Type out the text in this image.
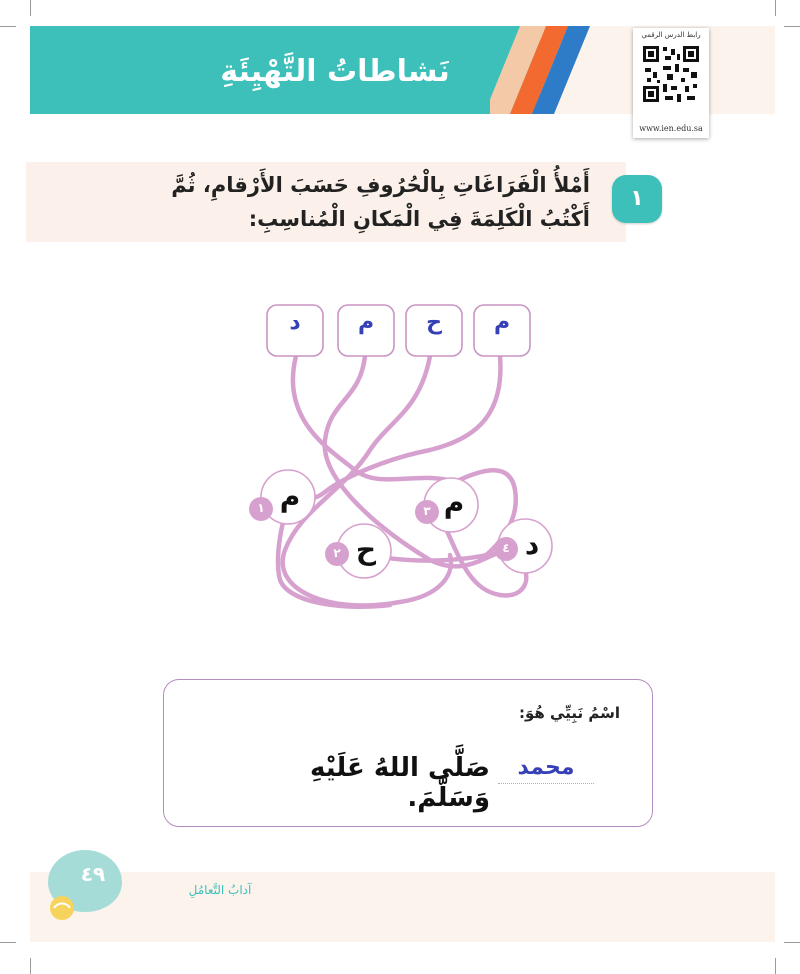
نَشاطاتُ التَّهْيِئَةِ
رابط الدرس الرقمي
www.ien.edu.sa
أَمْلأُ الْفَرَاغَاتِ بِالْحُرُوفِ حَسَبَ الأَرْقامِ، ثُمَّ
أَكْتُبُ الْكَلِمَةَ فِي الْمَكانِ الْمُناسِبِ:
١
د	م	ح	م
م
ح
م
د
١
٢
٣
٤
اسْمُ نَبِيِّي هُوَ:
محمد
صَلَّى اللهُ عَلَيْهِ وَسَلَّمَ.
٤٩
آدابُ التَّعامُلِ
